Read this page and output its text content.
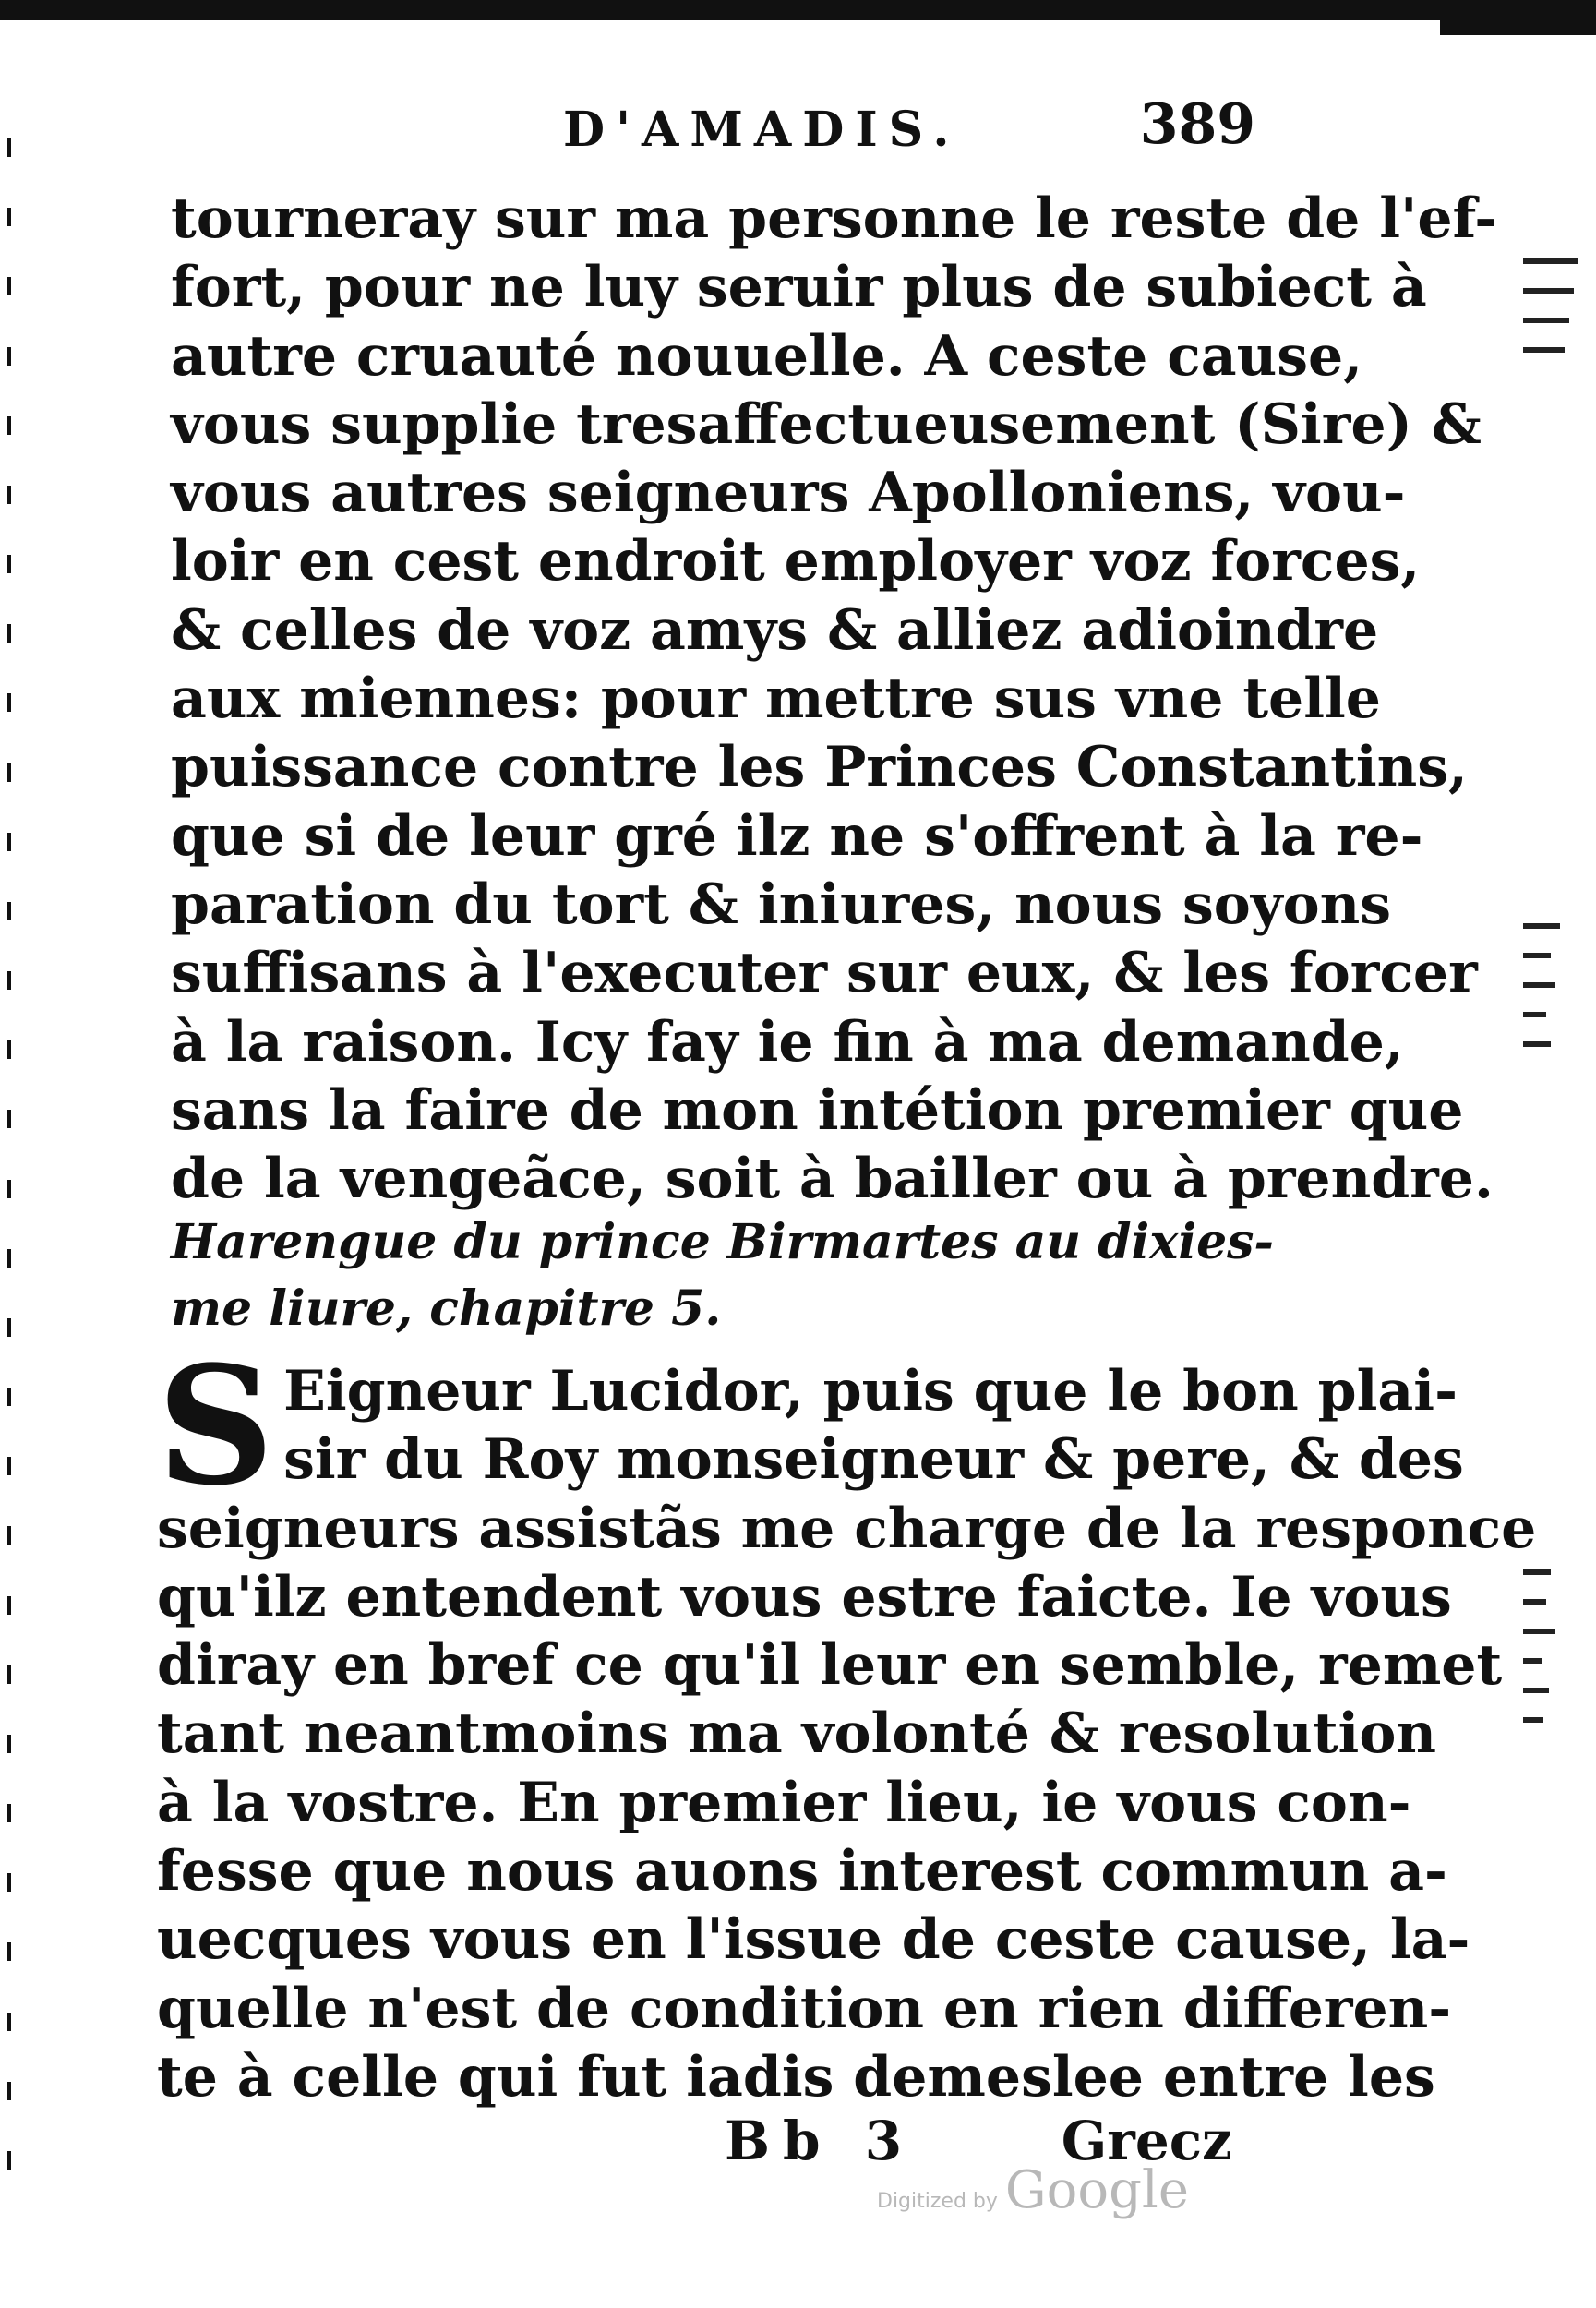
D'AMADIS.	389
tourneray sur ma personne le reste de l'ef-
fort, pour ne luy seruir plus de subiect à
autre cruauté nouuelle. A ceste cause,
vous supplie tresaffectueusement (Sire) &
vous autres seigneurs Apolloniens, vou-
loir en cest endroit employer voz forces,
& celles de voz amys & alliez adioindre
aux miennes: pour mettre sus vne telle
puissance contre les Princes Constantins,
que si de leur gré ilz ne s'offrent à la re-
paration du tort & iniures, nous soyons
suffisans à l'executer sur eux, & les forcer
à la raison. Icy fay ie fin à ma demande,
sans la faire de mon intétion premier que
de la vengeãce, soit à bailler ou à prendre.
Harengue du prince Birmartes au dixies-
me liure, chapitre 5.
S Eigneur Lucidor, puis que le bon plai-
sir du Roy monseigneur & pere, & des
seigneurs assistãs me charge de la responce
qu'ilz entendent vous estre faicte. Ie vous
diray en bref ce qu'il leur en semble, remet
tant neantmoins ma volonté & resolution
à la vostre. En premier lieu, ie vous con-
fesse que nous auons interest commun a-
uecques vous en l'issue de ceste cause, la-
quelle n'est de condition en rien differen-
te à celle qui fut iadis demeslee entre les
Bb 3	Grecz
Digitized by Google
